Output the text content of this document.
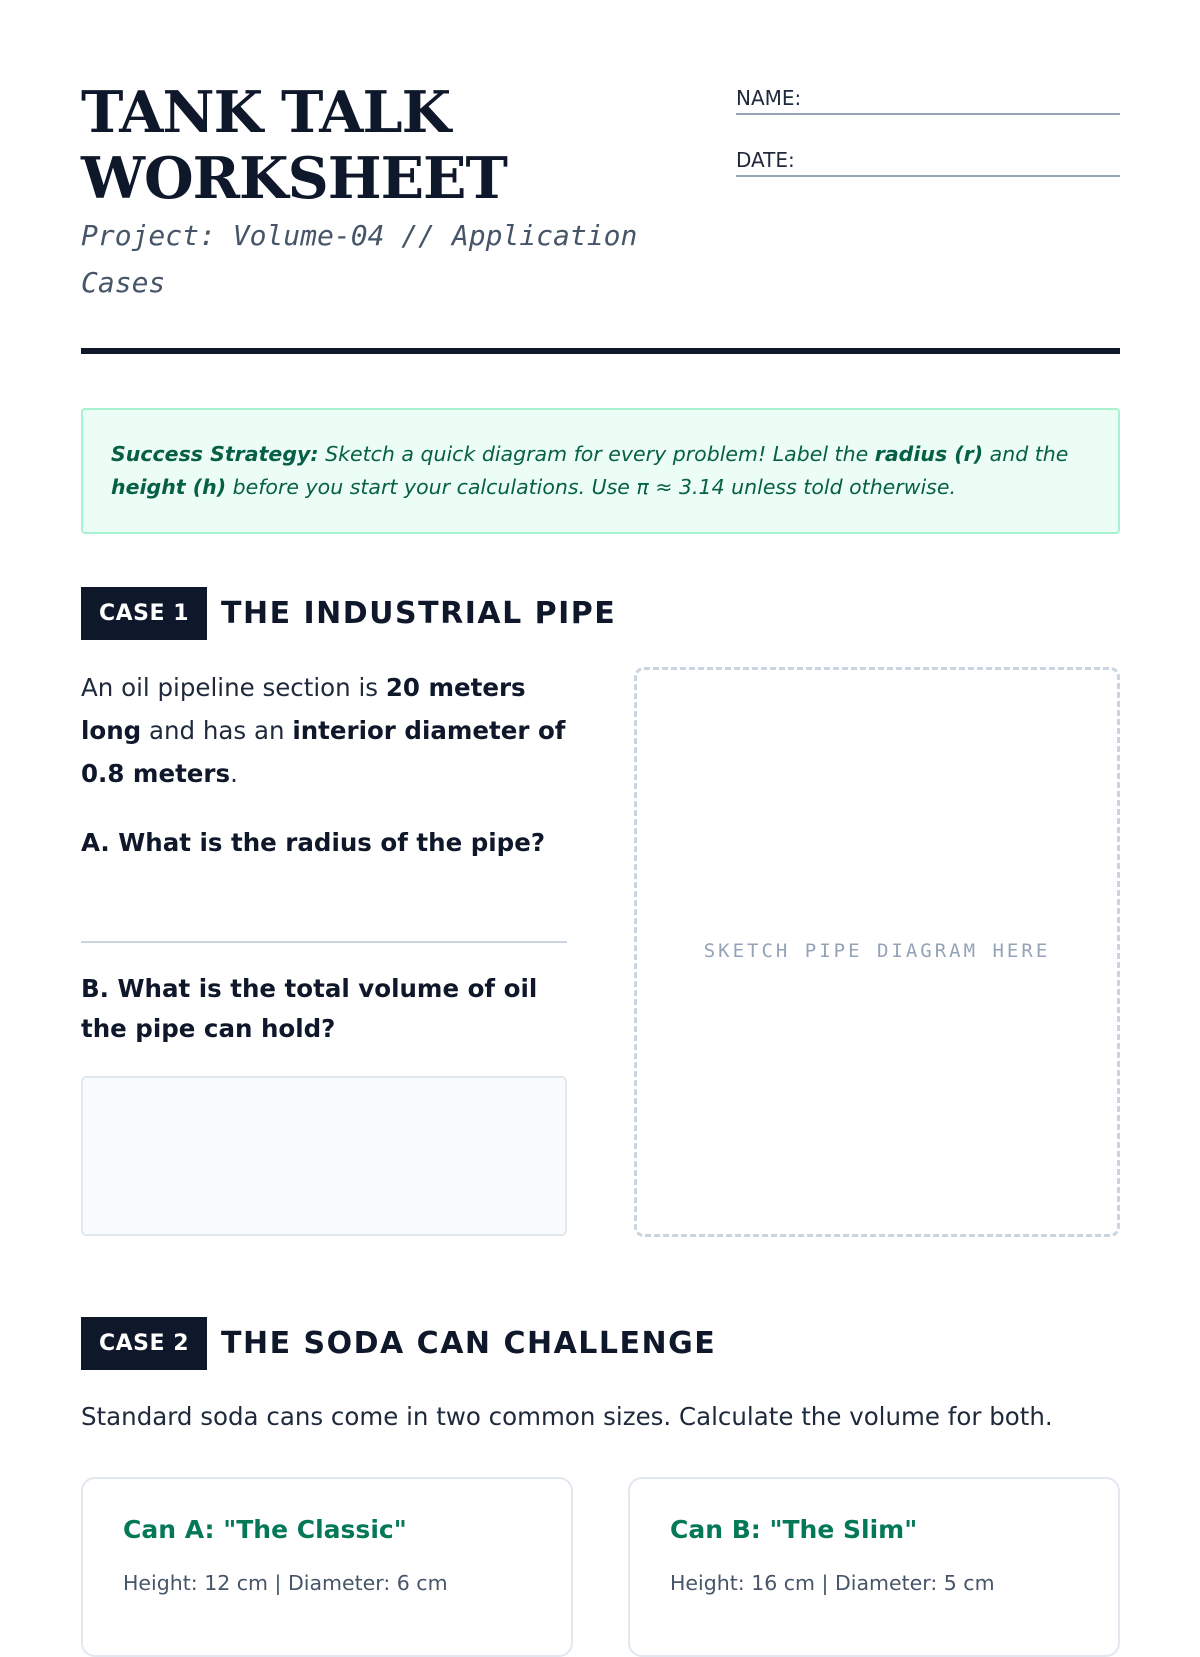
TANK TALK
WORKSHEET
Project: Volume-04 // Application Cases
NAME:
DATE:
Success Strategy: Sketch a quick diagram for every problem! Label the radius (r) and the height (h) before you start your calculations. Use π ≈ 3.14 unless told otherwise.
CASE 1	THE INDUSTRIAL PIPE
An oil pipeline section is 20 meters long and has an interior diameter of 0.8 meters.
A. What is the radius of the pipe?
B. What is the total volume of oil the pipe can hold?
SKETCH PIPE DIAGRAM HERE
CASE 2	THE SODA CAN CHALLENGE
Standard soda cans come in two common sizes. Calculate the volume for both.
Can A: "The Classic"
Height: 12 cm | Diameter: 6 cm
Can B: "The Slim"
Height: 16 cm | Diameter: 5 cm
